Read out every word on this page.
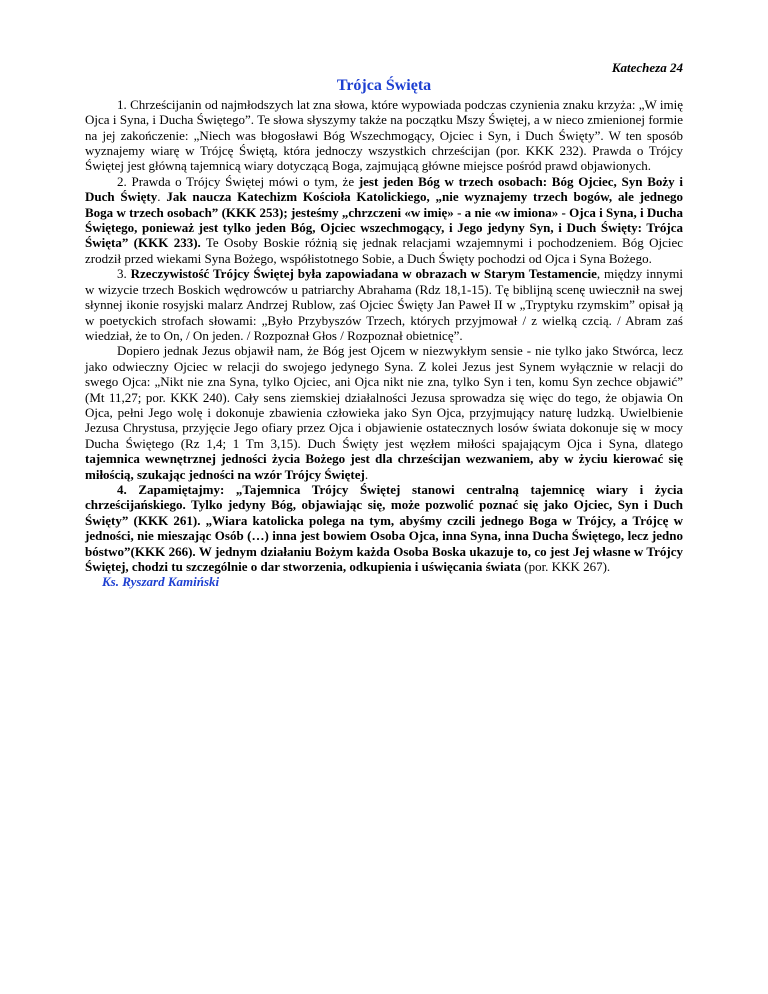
Katecheza 24
Trójca Święta

1. Chrześcijanin od najmłodszych lat zna słowa, które wypowiada podczas czynienia znaku krzyża: „W imię Ojca i Syna, i Ducha Świętego”. Te słowa słyszymy także na początku Mszy Świętej, a w nieco zmienionej formie na jej zakończenie: „Niech was błogosławi Bóg Wszechmogący, Ojciec i Syn, i Duch Święty”. W ten sposób wyznajemy wiarę w Trójcę Świętą, która jednoczy wszystkich chrześcijan (por. KKK 232). Prawda o Trójcy Świętej jest główną tajemnicą wiary dotyczącą Boga, zajmującą główne miejsce pośród prawd objawionych.

2. Prawda o Trójcy Świętej mówi o tym, że jest jeden Bóg w trzech osobach: Bóg Ojciec, Syn Boży i Duch Święty. Jak naucza Katechizm Kościoła Katolickiego, „nie wyznajemy trzech bogów, ale jednego Boga w trzech osobach” (KKK 253); jesteśmy „chrzczeni «w imię» - a nie «w imiona» - Ojca i Syna, i Ducha Świętego, ponieważ jest tylko jeden Bóg, Ojciec wszechmogący, i Jego jedyny Syn, i Duch Święty: Trójca Święta” (KKK 233). Te Osoby Boskie różnią się jednak relacjami wzajemnymi i pochodzeniem. Bóg Ojciec zrodził przed wiekami Syna Bożego, współistotnego Sobie, a Duch Święty pochodzi od Ojca i Syna Bożego.

3. Rzeczywistość Trójcy Świętej była zapowiadana w obrazach w Starym Testamencie, między innymi w wizycie trzech Boskich wędrowców u patriarchy Abrahama (Rdz 18,1-15). Tę biblijną scenę uwiecznił na swej słynnej ikonie rosyjski malarz Andrzej Rublow, zaś Ojciec Święty Jan Paweł II w „Tryptyku rzymskim” opisał ją w poetyckich strofach słowami: „Było Przybyszów Trzech, których przyjmował / z wielką czcią. / Abram zaś wiedział, że to On, / On jeden. / Rozpoznał Głos / Rozpoznał obietnicę”.

Dopiero jednak Jezus objawił nam, że Bóg jest Ojcem w niezwykłym sensie - nie tylko jako Stwórca, lecz jako odwieczny Ojciec w relacji do swojego jedynego Syna. Z kolei Jezus jest Synem wyłącznie w relacji do swego Ojca: „Nikt nie zna Syna, tylko Ojciec, ani Ojca nikt nie zna, tylko Syn i ten, komu Syn zechce objawić” (Mt 11,27; por. KKK 240). Cały sens ziemskiej działalności Jezusa sprowadza się więc do tego, że objawia On Ojca, pełni Jego wolę i dokonuje zbawienia człowieka jako Syn Ojca, przyjmujący naturę ludzką. Uwielbienie Jezusa Chrystusa, przyjęcie Jego ofiary przez Ojca i objawienie ostatecznych losów świata dokonuje się w mocy Ducha Świętego (Rz 1,4; 1 Tm 3,15). Duch Święty jest węzłem miłości spajającym Ojca i Syna, dlatego tajemnica wewnętrznej jedności życia Bożego jest dla chrześcijan wezwaniem, aby w życiu kierować się miłością, szukając jedności na wzór Trójcy Świętej.

4. Zapamiętajmy: „Tajemnica Trójcy Świętej stanowi centralną tajemnicę wiary i życia chrześcijańskiego. Tylko jedyny Bóg, objawiając się, może pozwolić poznać się jako Ojciec, Syn i Duch Święty” (KKK 261). „Wiara katolicka polega na tym, abyśmy czcili jednego Boga w Trójcy, a Trójcę w jedności, nie mieszając Osób (…) inna jest bowiem Osoba Ojca, inna Syna, inna Ducha Świętego, lecz jedno bóstwo”(KKK 266). W jednym działaniu Bożym każda Osoba Boska ukazuje to, co jest Jej własne w Trójcy Świętej, chodzi tu szczególnie o dar stworzenia, odkupienia i uświęcania świata (por. KKK 267).

Ks. Ryszard Kamiński
